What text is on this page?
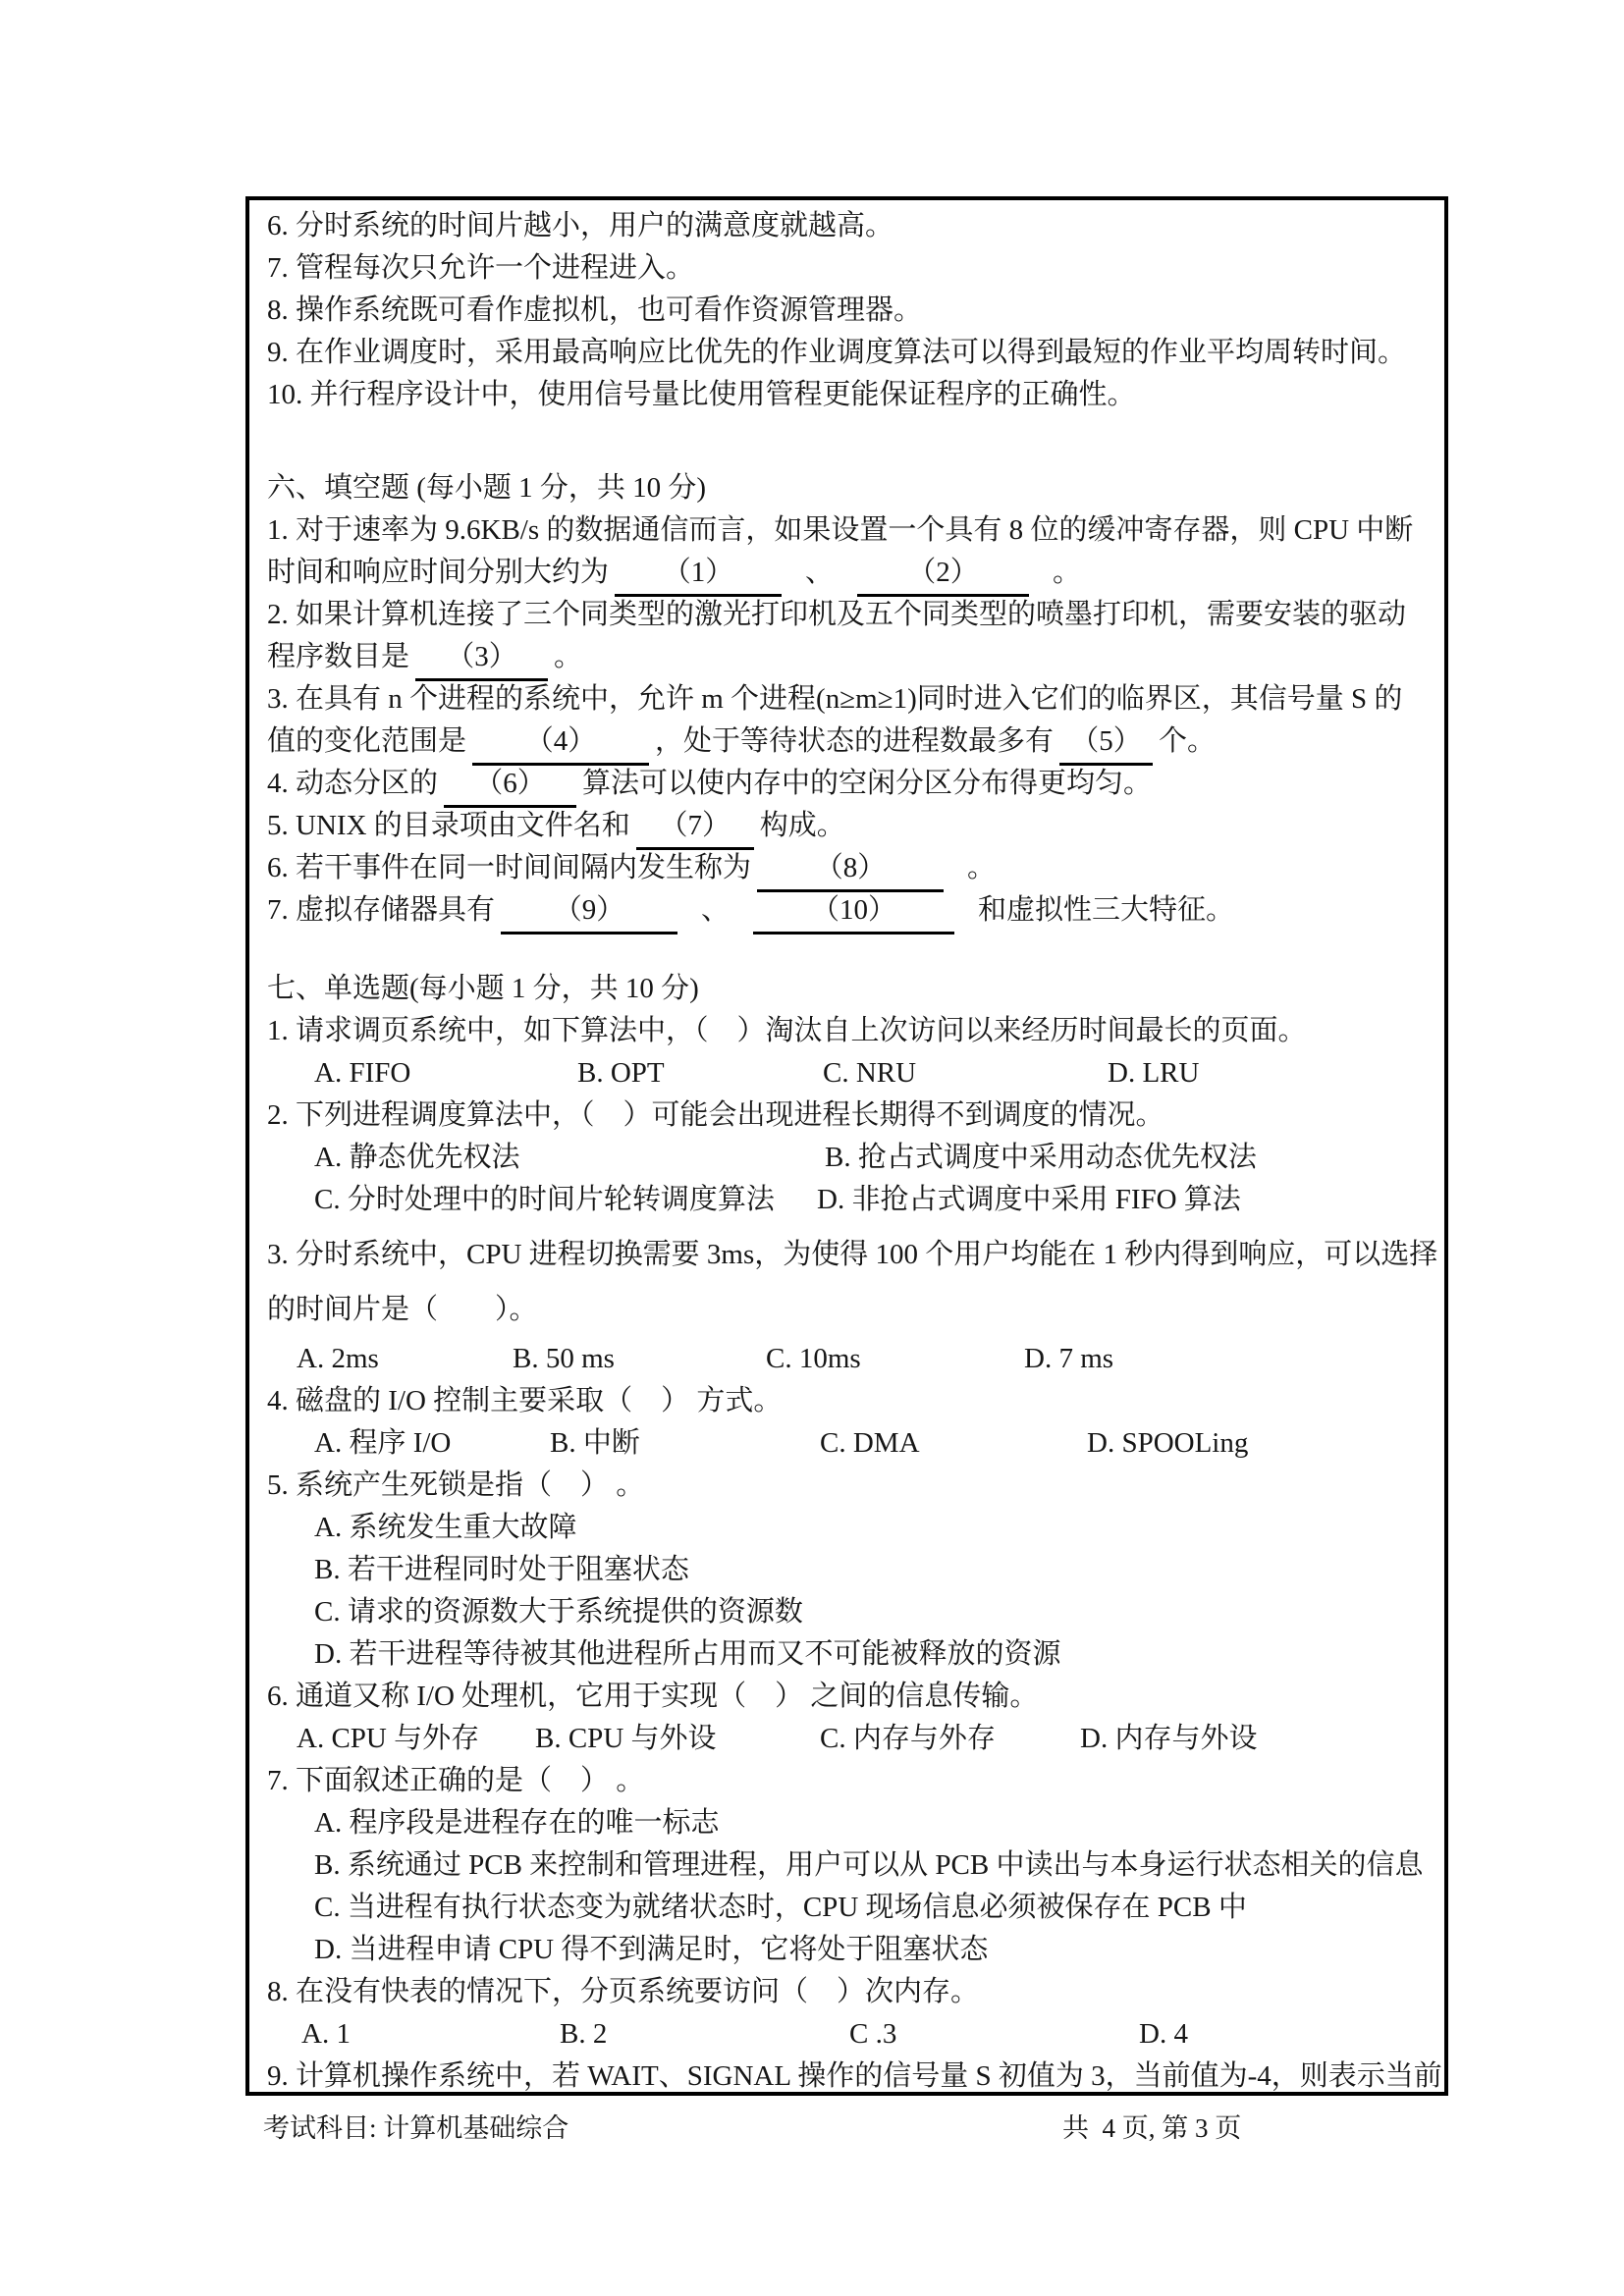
6. 分时系统的时间片越小，用户的满意度就越高。
7. 管程每次只允许一个进程进入。
8. 操作系统既可看作虚拟机，也可看作资源管理器。
9. 在作业调度时，采用最高响应比优先的作业调度算法可以得到最短的作业平均周转时间。
10. 并行程序设计中，使用信号量比使用管程更能保证程序的正确性。
六、填空题 (每小题 1 分，共 10 分)
1. 对于速率为 9.6KB/s 的数据通信而言，如果设置一个具有 8 位的缓冲寄存器，则 CPU 中断
时间和响应时间分别大约为 （1）	、	（2）	。
2. 如果计算机连接了三个同类型的激光打印机及五个同类型的喷墨打印机，需要安装的驱动
程序数目是 （3） 。
3. 在具有 n 个进程的系统中，允许 m 个进程(n≥m≥1)同时进入它们的临界区，其信号量 S 的
值的变化范围是 （4） ，处于等待状态的进程数最多有 （5） 个。
4. 动态分区的 （6） 算法可以使内存中的空闲分区分布得更均匀。
5. UNIX 的目录项由文件名和 （7） 构成。
6. 若干事件在同一时间间隔内发生称为 （8）	。
7. 虚拟存储器具有 （9）	、	（10）	和虚拟性三大特征。
七、单选题(每小题 1 分，共 10 分)
1. 请求调页系统中，如下算法中，（　）淘汰自上次访问以来经历时间最长的页面。
A. FIFO	B. OPT	C. NRU	D. LRU
2. 下列进程调度算法中，（　）可能会出现进程长期得不到调度的情况。
A. 静态优先权法	B. 抢占式调度中采用动态优先权法
C. 分时处理中的时间片轮转调度算法	D. 非抢占式调度中采用 FIFO 算法
3. 分时系统中，CPU 进程切换需要 3ms，为使得 100 个用户均能在 1 秒内得到响应，可以选择
的时间片是（　　）。
A. 2ms	B. 50 ms	C. 10ms	D. 7 ms
4. 磁盘的 I/O 控制主要采取（　） 方式。
A. 程序 I/O	B. 中断	C. DMA	D. SPOOLing
5. 系统产生死锁是指（　） 。
A. 系统发生重大故障
B. 若干进程同时处于阻塞状态
C. 请求的资源数大于系统提供的资源数
D. 若干进程等待被其他进程所占用而又不可能被释放的资源
6. 通道又称 I/O 处理机，它用于实现（　） 之间的信息传输。
A. CPU 与外存	B. CPU 与外设	C. 内存与外存	D. 内存与外设
7. 下面叙述正确的是（　） 。
A. 程序段是进程存在的唯一标志
B. 系统通过 PCB 来控制和管理进程，用户可以从 PCB 中读出与本身运行状态相关的信息
C. 当进程有执行状态变为就绪状态时，CPU 现场信息必须被保存在 PCB 中
D. 当进程申请 CPU 得不到满足时，它将处于阻塞状态
8. 在没有快表的情况下，分页系统要访问（　）次内存。
A. 1	B. 2	C .3	D. 4
9. 计算机操作系统中，若 WAIT、SIGNAL 操作的信号量 S 初值为 3，当前值为-4，则表示当前
考试科目: 计算机基础综合	共  4 页, 第 3 页
